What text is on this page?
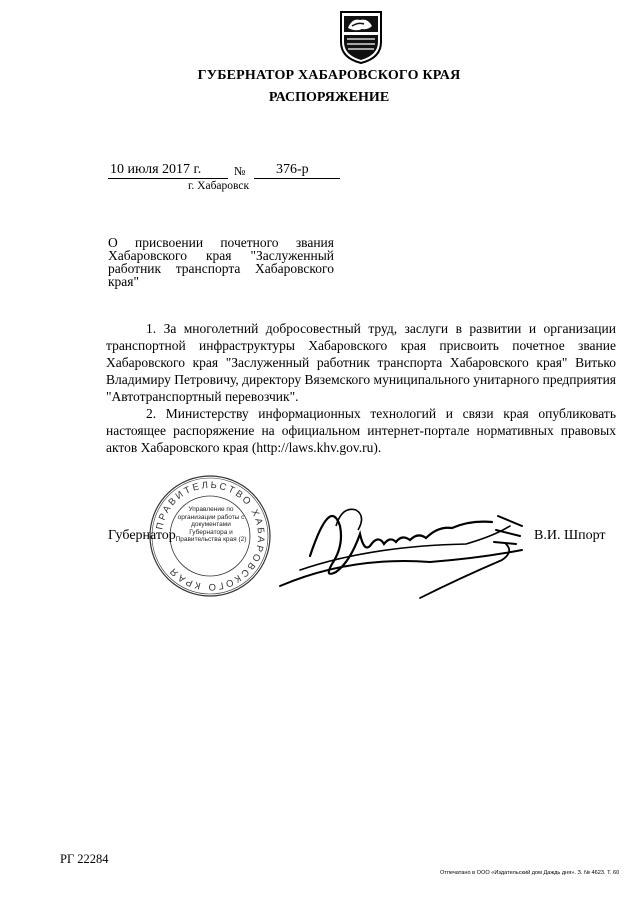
ГУБЕРНАТОР ХАБАРОВСКОГО КРАЯ
РАСПОРЯЖЕНИЕ
10 июля 2017 г.	№ 376-р
г. Хабаровск
О присвоении почетного звания Хабаровского края "Заслуженный работник транспорта Хабаровского края"

1. За многолетний добросовестный труд, заслуги в развитии и организации транспортной инфраструктуры Хабаровского края присвоить почетное звание Хабаровского края "Заслуженный работник транспорта Хабаровского края" Витько Владимиру Петровичу, директору Вяземского муниципального унитарного предприятия "Автотранспортный перевозчик".

2. Министерству информационных технологий и связи края опубликовать настоящее распоряжение на официальном интернет-портале нормативных правовых актов Хабаровского края (http://laws.khv.gov.ru).

ПРАВИТЕЛЬСТВО ХАБАРОВСКОГО КРАЯ
Управление по организации работы с документами Губернатора и Правительства края (2)
Губернатор	В.И. Шпорт
РГ 22284
Отпечатано в ООО «Издательский дом Даждь дня». З. № 4623. Т. 60
